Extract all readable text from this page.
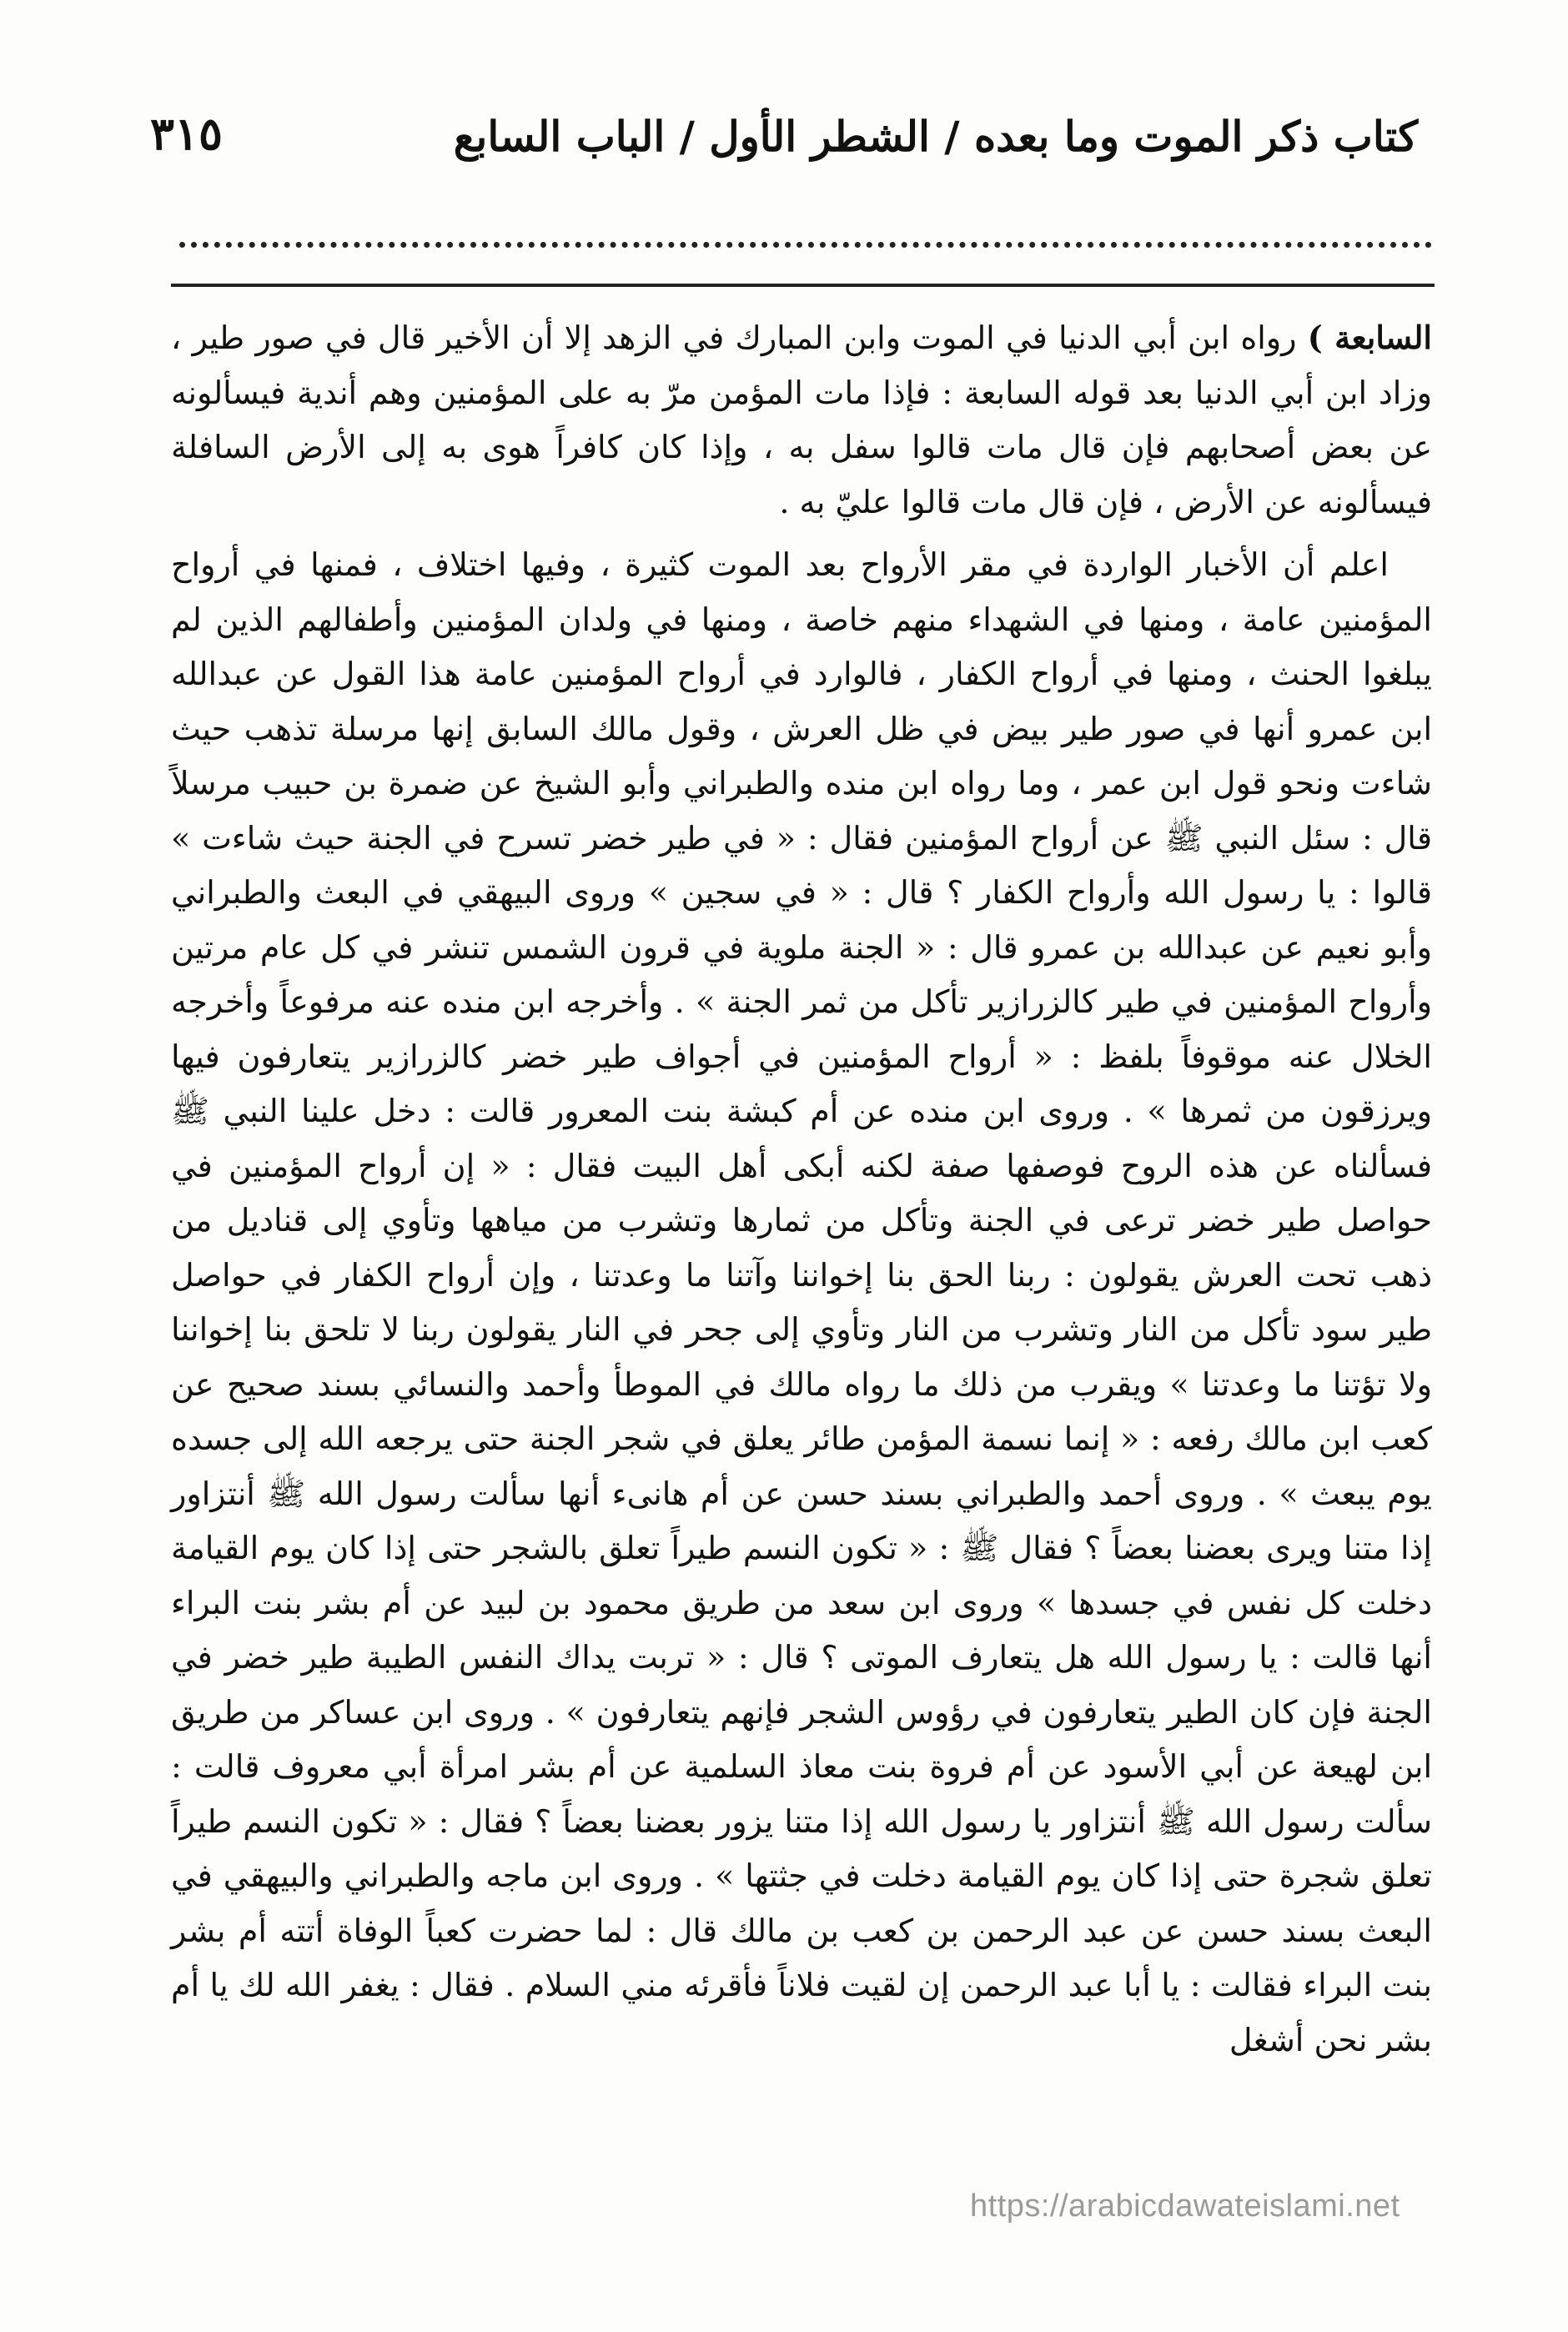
كتاب ذكر الموت وما بعده / الشطر الأول / الباب السابع
٣١٥

السابعة ) رواه ابن أبي الدنيا في الموت وابن المبارك في الزهد إلا أن الأخير قال في صور طير ، وزاد ابن أبي الدنيا بعد قوله السابعة : فإذا مات المؤمن مرّ به على المؤمنين وهم أندية فيسألونه عن بعض أصحابهم فإن قال مات قالوا سفل به ، وإذا كان كافراً هوى به إلى الأرض السافلة فيسألونه عن الأرض ، فإن قال مات قالوا عليّ به .

اعلم أن الأخبار الواردة في مقر الأرواح بعد الموت كثيرة ، وفيها اختلاف ، فمنها في أرواح المؤمنين عامة ، ومنها في الشهداء منهم خاصة ، ومنها في ولدان المؤمنين وأطفالهم الذين لم يبلغوا الحنث ، ومنها في أرواح الكفار ، فالوارد في أرواح المؤمنين عامة هذا القول عن عبدالله ابن عمرو أنها في صور طير بيض في ظل العرش ، وقول مالك السابق إنها مرسلة تذهب حيث شاءت ونحو قول ابن عمر ، وما رواه ابن منده والطبراني وأبو الشيخ عن ضمرة بن حبيب مرسلاً قال : سئل النبي ﷺ عن أرواح المؤمنين فقال : « في طير خضر تسرح في الجنة حيث شاءت » قالوا : يا رسول الله وأرواح الكفار ؟ قال : « في سجين » وروى البيهقي في البعث والطبراني وأبو نعيم عن عبدالله بن عمرو قال : « الجنة ملوية في قرون الشمس تنشر في كل عام مرتين وأرواح المؤمنين في طير كالزرازير تأكل من ثمر الجنة » . وأخرجه ابن منده عنه مرفوعاً وأخرجه الخلال عنه موقوفاً بلفظ : « أرواح المؤمنين في أجواف طير خضر كالزرازير يتعارفون فيها ويرزقون من ثمرها » . وروى ابن منده عن أم كبشة بنت المعرور قالت : دخل علينا النبي ﷺ فسألناه عن هذه الروح فوصفها صفة لكنه أبكى أهل البيت فقال : « إن أرواح المؤمنين في حواصل طير خضر ترعى في الجنة وتأكل من ثمارها وتشرب من مياهها وتأوي إلى قناديل من ذهب تحت العرش يقولون : ربنا الحق بنا إخواننا وآتنا ما وعدتنا ، وإن أرواح الكفار في حواصل طير سود تأكل من النار وتشرب من النار وتأوي إلى جحر في النار يقولون ربنا لا تلحق بنا إخواننا ولا تؤتنا ما وعدتنا » ويقرب من ذلك ما رواه مالك في الموطأ وأحمد والنسائي بسند صحيح عن كعب ابن مالك رفعه : « إنما نسمة المؤمن طائر يعلق في شجر الجنة حتى يرجعه الله إلى جسده يوم يبعث » . وروى أحمد والطبراني بسند حسن عن أم هانىء أنها سألت رسول الله ﷺ أنتزاور إذا متنا ويرى بعضنا بعضاً ؟ فقال ﷺ : « تكون النسم طيراً تعلق بالشجر حتى إذا كان يوم القيامة دخلت كل نفس في جسدها » وروى ابن سعد من طريق محمود بن لبيد عن أم بشر بنت البراء أنها قالت : يا رسول الله هل يتعارف الموتى ؟ قال : « تربت يداك النفس الطيبة طير خضر في الجنة فإن كان الطير يتعارفون في رؤوس الشجر فإنهم يتعارفون » . وروى ابن عساكر من طريق ابن لهيعة عن أبي الأسود عن أم فروة بنت معاذ السلمية عن أم بشر امرأة أبي معروف قالت : سألت رسول الله ﷺ أنتزاور يا رسول الله إذا متنا يزور بعضنا بعضاً ؟ فقال : « تكون النسم طيراً تعلق شجرة حتى إذا كان يوم القيامة دخلت في جثتها » . وروى ابن ماجه والطبراني والبيهقي في البعث بسند حسن عن عبد الرحمن بن كعب بن مالك قال : لما حضرت كعباً الوفاة أتته أم بشر بنت البراء فقالت : يا أبا عبد الرحمن إن لقيت فلاناً فأقرئه مني السلام . فقال : يغفر الله لك يا أم بشر نحن أشغل

https://arabicdawateislami.net
